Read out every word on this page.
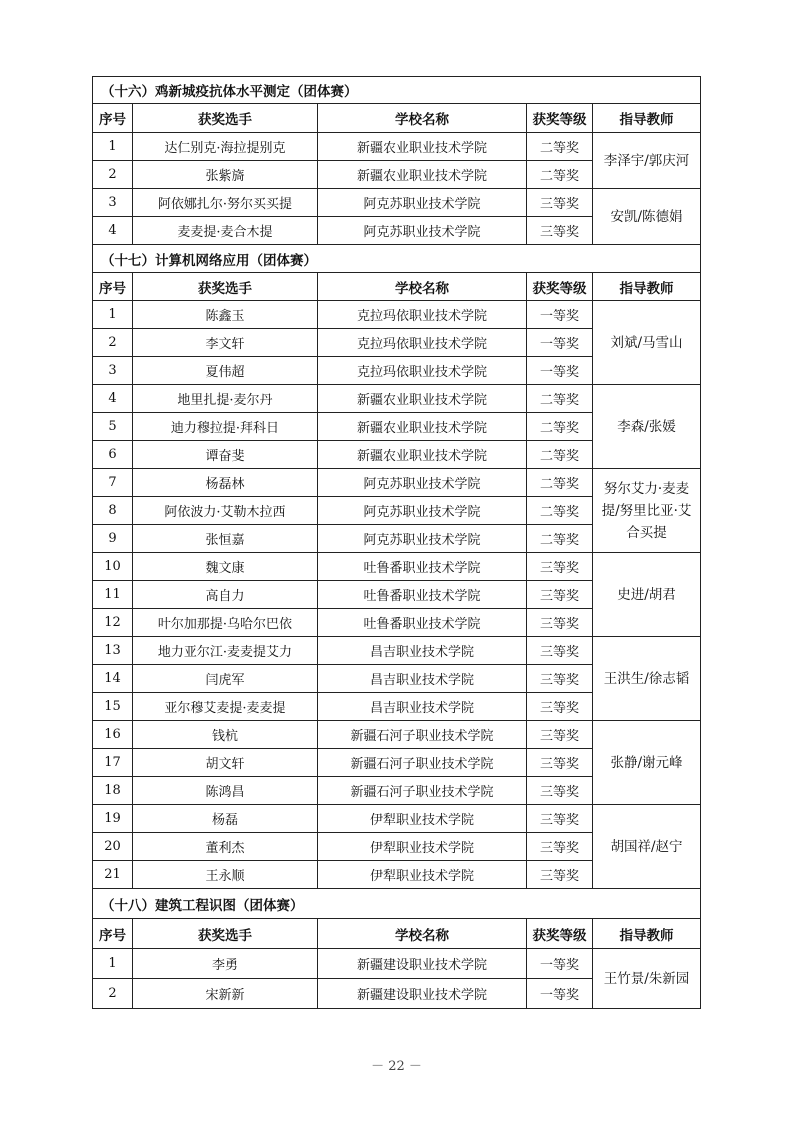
（十六）鸡新城疫抗体水平测定（团体赛）				
序号	获奖选手	学校名称	获奖等级	指导教师
1	达仁别克·海拉提别克	新疆农业职业技术学院	二等奖	李泽宇/郭庆河
2	张紫旖	新疆农业职业技术学院	二等奖	
3	阿依娜扎尔·努尔买买提	阿克苏职业技术学院	三等奖	安凯/陈德娟
4	麦麦提·麦合木提	阿克苏职业技术学院	三等奖	
（十七）计算机网络应用（团体赛）				
序号	获奖选手	学校名称	获奖等级	指导教师
1	陈鑫玉	克拉玛依职业技术学院	一等奖	刘斌/马雪山
2	李文轩	克拉玛依职业技术学院	一等奖	
3	夏伟超	克拉玛依职业技术学院	一等奖	
4	地里扎提·麦尔丹	新疆农业职业技术学院	二等奖	李森/张媛
5	迪力穆拉提·拜科日	新疆农业职业技术学院	二等奖	
6	谭奋斐	新疆农业职业技术学院	二等奖	
7	杨磊林	阿克苏职业技术学院	二等奖	努尔艾力·麦麦提/努里比亚·艾合买提
8	阿依波力·艾勒木拉西	阿克苏职业技术学院	二等奖	
9	张恒嘉	阿克苏职业技术学院	二等奖	
10	魏文康	吐鲁番职业技术学院	三等奖	史进/胡君
11	高自力	吐鲁番职业技术学院	三等奖	
12	叶尔加那提·乌哈尔巴依	吐鲁番职业技术学院	三等奖	
13	地力亚尔江·麦麦提艾力	昌吉职业技术学院	三等奖	王洪生/徐志韬
14	闫虎军	昌吉职业技术学院	三等奖	
15	亚尔穆艾麦提·麦麦提	昌吉职业技术学院	三等奖	
16	钱杭	新疆石河子职业技术学院	三等奖	张静/谢元峰
17	胡文轩	新疆石河子职业技术学院	三等奖	
18	陈鸿昌	新疆石河子职业技术学院	三等奖	
19	杨磊	伊犁职业技术学院	三等奖	胡国祥/赵宁
20	董利杰	伊犁职业技术学院	三等奖	
21	王永顺	伊犁职业技术学院	三等奖	
（十八）建筑工程识图（团体赛）				
序号	获奖选手	学校名称	获奖等级	指导教师
1	李勇	新疆建设职业技术学院	一等奖	王竹景/朱新园
2	宋新新	新疆建设职业技术学院	一等奖	
－ 22 －
